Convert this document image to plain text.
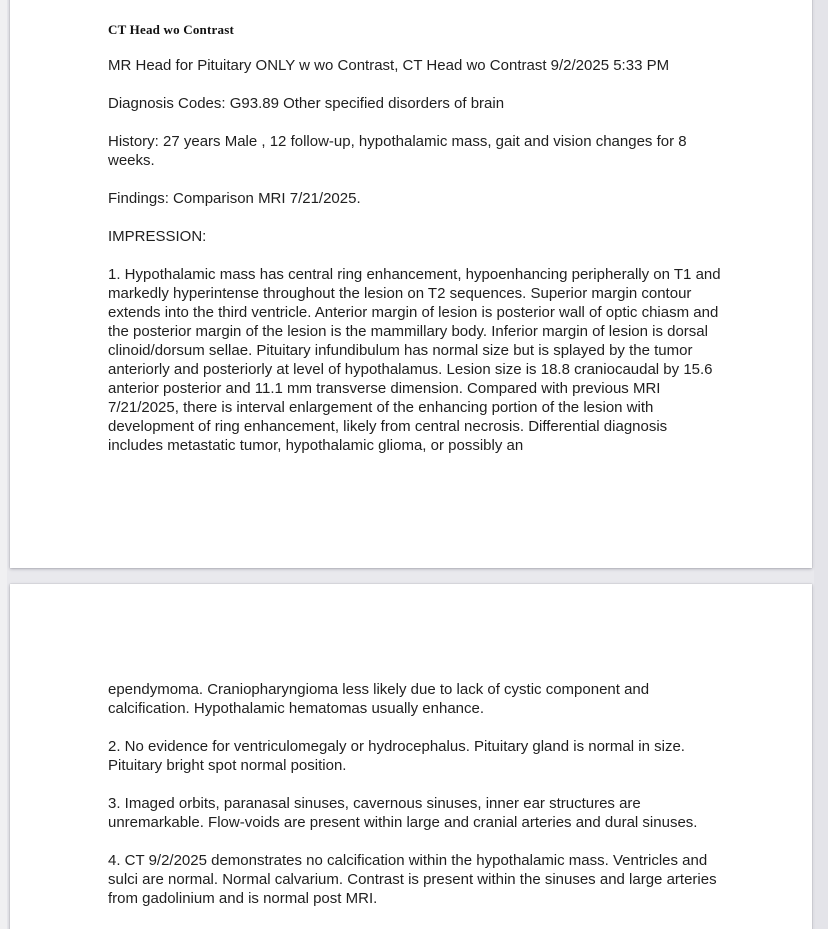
CT Head wo Contrast

MR Head for Pituitary ONLY w wo Contrast, CT Head wo Contrast 9/2/2025 5:33 PM

Diagnosis Codes: G93.89 Other specified disorders of brain

History: 27 years Male , 12 follow-up, hypothalamic mass, gait and vision changes for 8 weeks.

Findings: Comparison MRI 7/21/2025.

IMPRESSION:

1. Hypothalamic mass has central ring enhancement, hypoenhancing peripherally on T1 and markedly hyperintense throughout the lesion on T2 sequences. Superior margin contour extends into the third ventricle. Anterior margin of lesion is posterior wall of optic chiasm and the posterior margin of the lesion is the mammillary body. Inferior margin of lesion is dorsal clinoid/dorsum sellae. Pituitary infundibulum has normal size but is splayed by the tumor anteriorly and posteriorly at level of hypothalamus. Lesion size is 18.8 craniocaudal by 15.6 anterior posterior and 11.1 mm transverse dimension. Compared with previous MRI 7/21/2025, there is interval enlargement of the enhancing portion of the lesion with development of ring enhancement, likely from central necrosis. Differential diagnosis includes metastatic tumor, hypothalamic glioma, or possibly an

ependymoma. Craniopharyngioma less likely due to lack of cystic component and calcification. Hypothalamic hematomas usually enhance.

2. No evidence for ventriculomegaly or hydrocephalus. Pituitary gland is normal in size. Pituitary bright spot normal position.

3. Imaged orbits, paranasal sinuses, cavernous sinuses, inner ear structures are unremarkable. Flow-voids are present within large and cranial arteries and dural sinuses.

4. CT 9/2/2025 demonstrates no calcification within the hypothalamic mass. Ventricles and sulci are normal. Normal calvarium. Contrast is present within the sinuses and large arteries from gadolinium and is normal post MRI.
